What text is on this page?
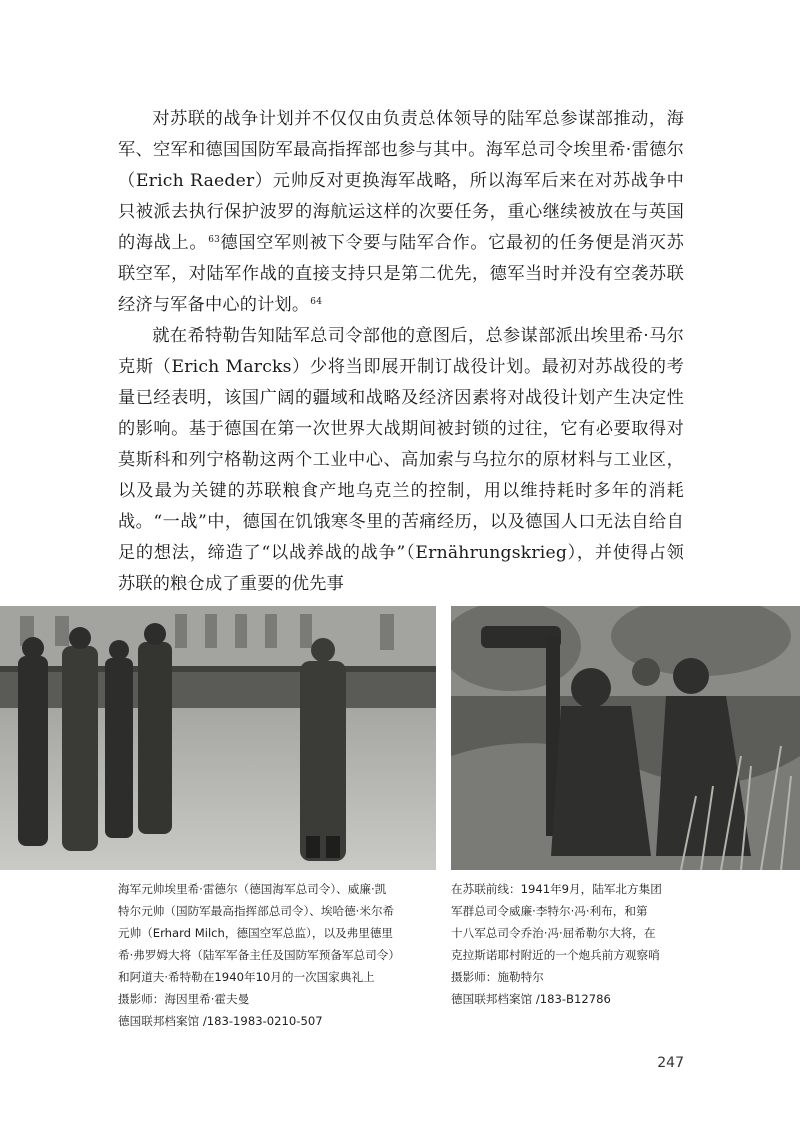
对苏联的战争计划并不仅仅由负责总体领导的陆军总参谋部推动，海军、空军和德国国防军最高指挥部也参与其中。海军总司令埃里希·雷德尔（Erich Raeder）元帅反对更换海军战略，所以海军后来在对苏战争中只被派去执行保护波罗的海航运这样的次要任务，重心继续被放在与英国的海战上。$^{63}$德国空军则被下令要与陆军合作。它最初的任务便是消灭苏联空军，对陆军作战的直接支持只是第二优先，德军当时并没有空袭苏联经济与军备中心的计划。$^{64}$

就在希特勒告知陆军总司令部他的意图后，总参谋部派出埃里希·马尔克斯（Erich Marcks）少将当即展开制订战役计划。最初对苏战役的考量已经表明，该国广阔的疆域和战略及经济因素将对战役计划产生决定性的影响。基于德国在第一次世界大战期间被封锁的过往，它有必要取得对莫斯科和列宁格勒这两个工业中心、高加索与乌拉尔的原材料与工业区，以及最为关键的苏联粮食产地乌克兰的控制，用以维持耗时多年的消耗战。“一战”中，德国在饥饿寒冬里的苦痛经历，以及德国人口无法自给自足的想法，缔造了“以战养战的战争”（Ernährungskrieg），并使得占领苏联的粮仓成了重要的优先事

海军元帅埃里希·雷德尔（德国海军总司令）、威廉·凯
特尔元帅（国防军最高指挥部总司令）、埃哈德·米尔希
元帅（Erhard Milch，德国空军总监），以及弗里德里
希·弗罗姆大将（陆军军备主任及国防军预备军总司令）
和阿道夫·希特勒在1940年10月的一次国家典礼上
摄影师：海因里希·霍夫曼
德国联邦档案馆 /183-1983-0210-507
在苏联前线：1941年9月，陆军北方集团
军群总司令威廉·李特尔·冯·利布，和第
十八军总司令乔治·冯·屈希勒尔大将，在
克拉斯诺耶村附近的一个炮兵前方观察哨
摄影师：施勒特尔
德国联邦档案馆 /183-B12786
247
